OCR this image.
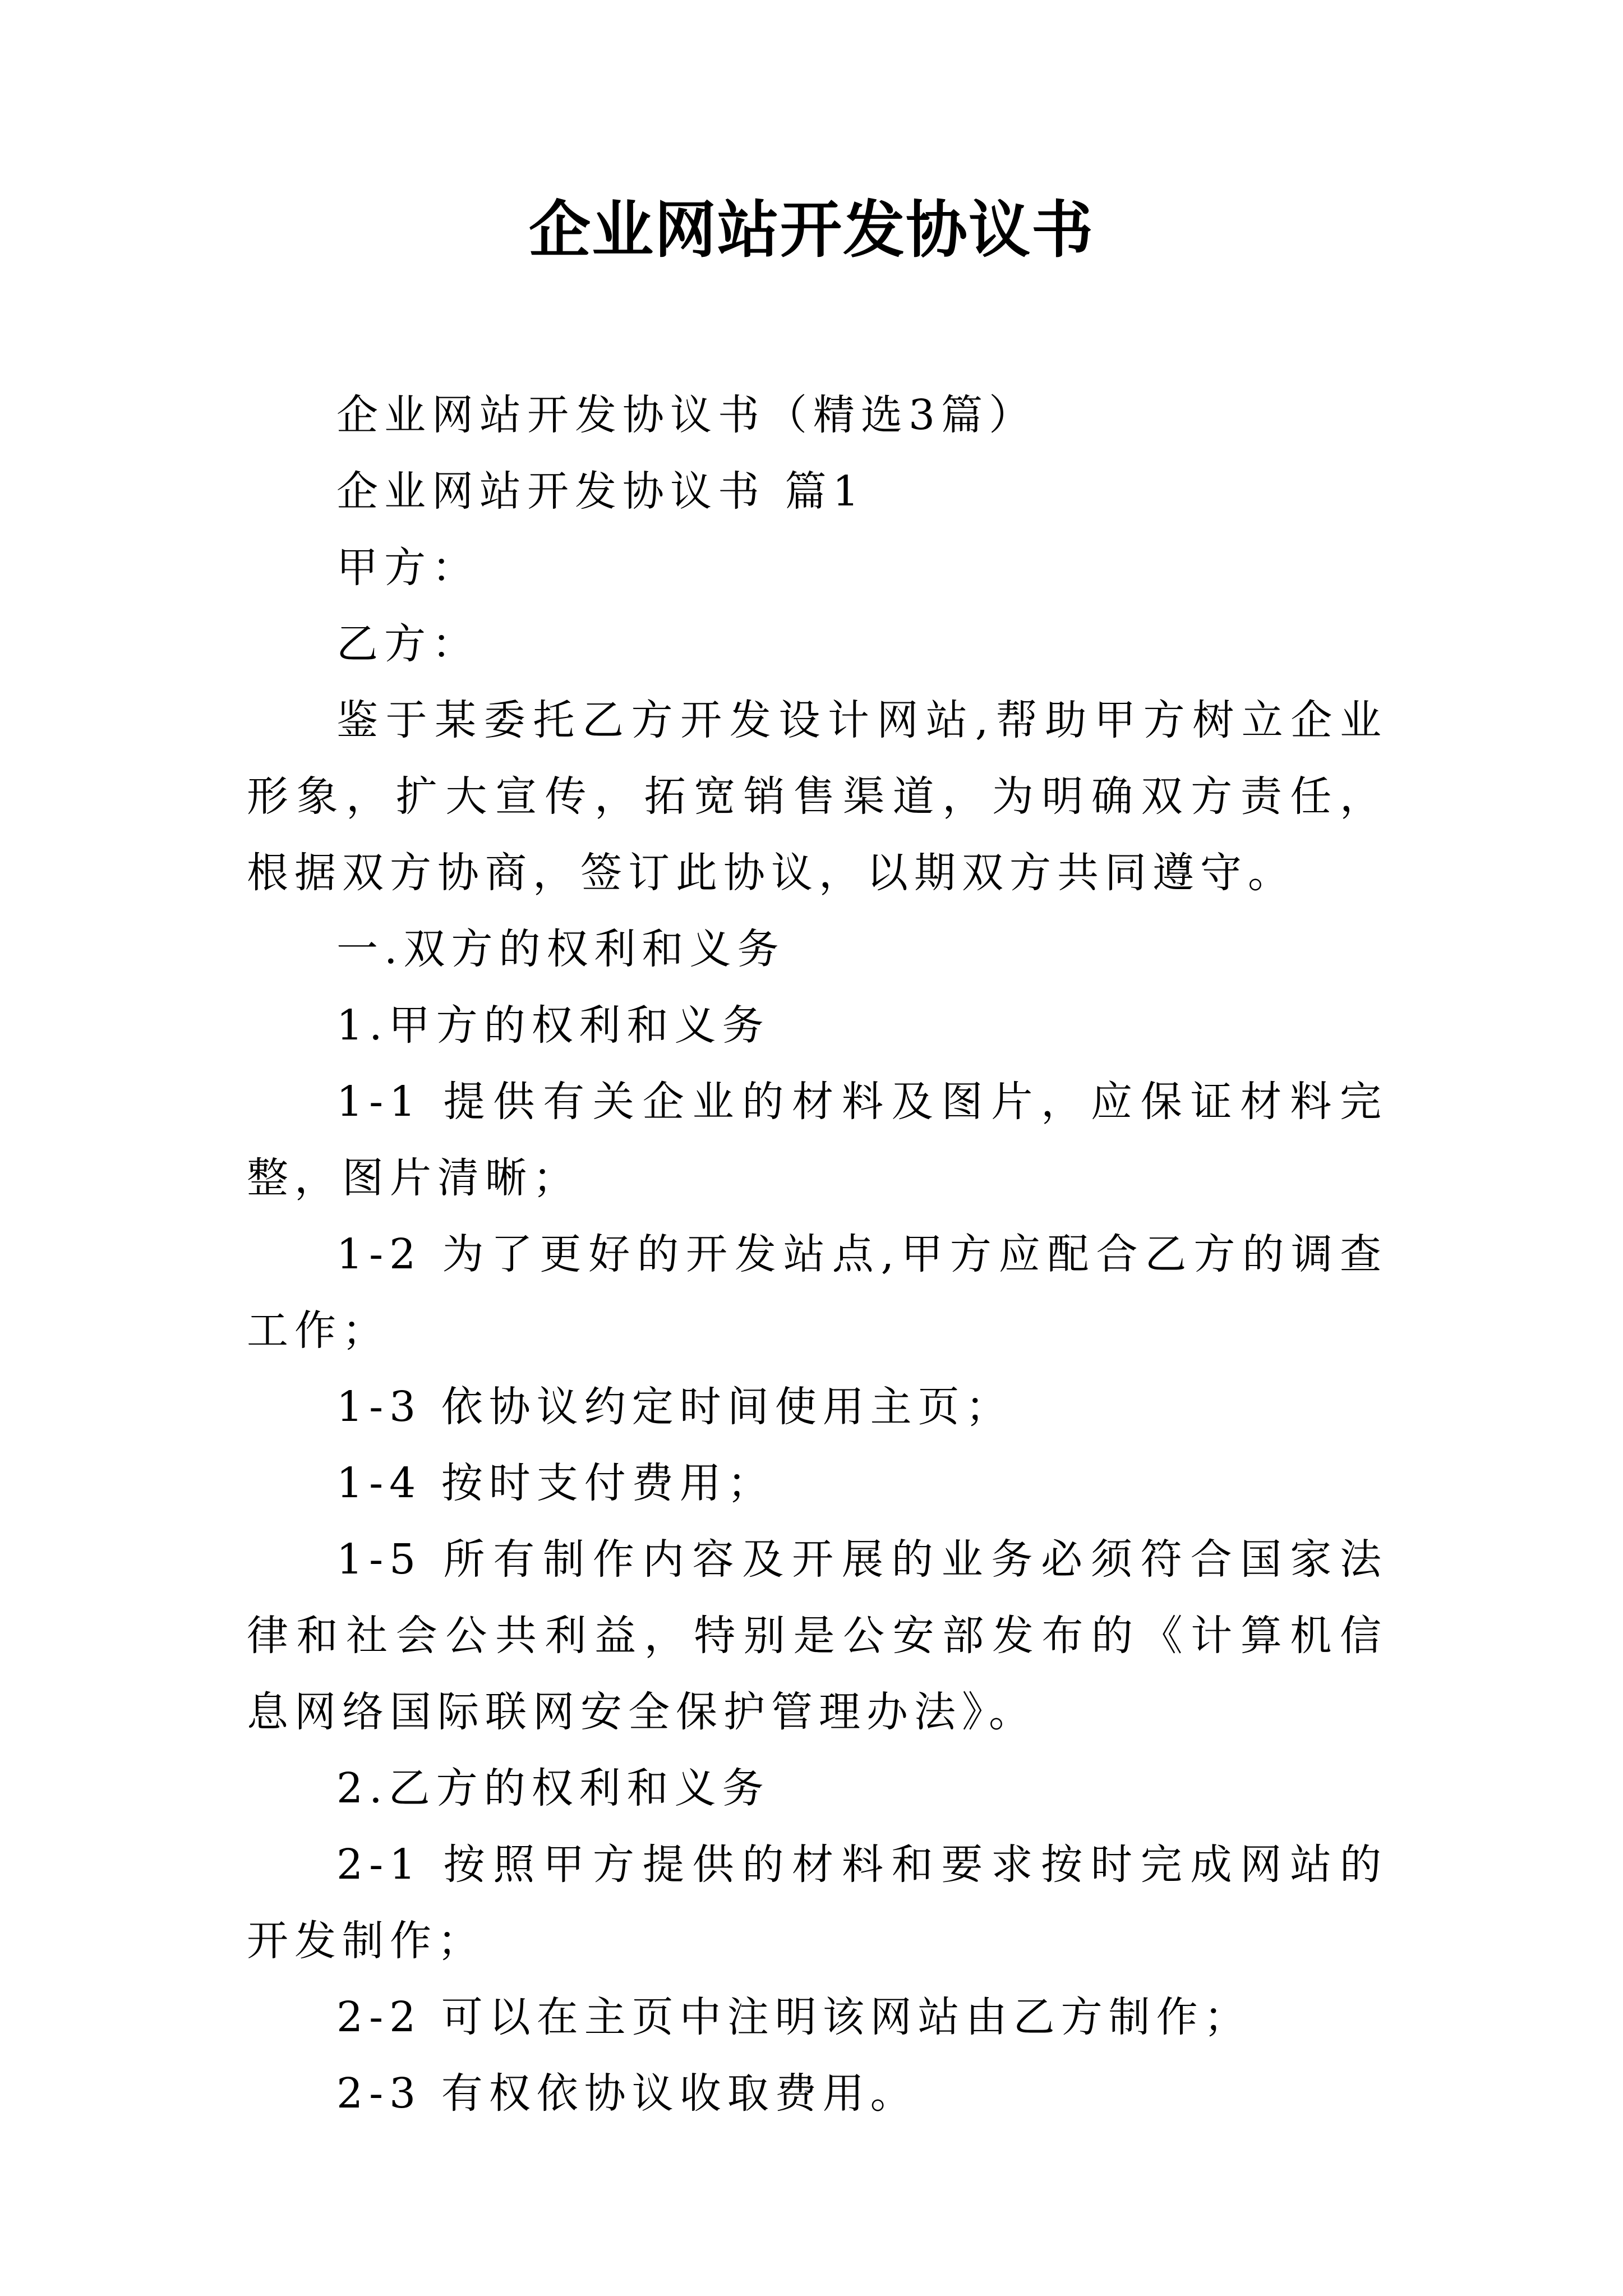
企业网站开发协议书

企业网站开发协议书（精选3篇）

企业网站开发协议书 篇1

甲方：

乙方：

鉴于某委托乙方开发设计网站,帮助甲方树立企业形象，扩大宣传，拓宽销售渠道，为明确双方责任，根据双方协商，签订此协议，以期双方共同遵守。

一.双方的权利和义务

1.甲方的权利和义务

1-1 提供有关企业的材料及图片，应保证材料完整，图片清晰；

1-2 为了更好的开发站点,甲方应配合乙方的调查工作；

1-3 依协议约定时间使用主页；

1-4 按时支付费用；

1-5 所有制作内容及开展的业务必须符合国家法律和社会公共利益，特别是公安部发布的《计算机信息网络国际联网安全保护管理办法》。

2.乙方的权利和义务

2-1 按照甲方提供的材料和要求按时完成网站的开发制作；

2-2 可以在主页中注明该网站由乙方制作；

2-3 有权依协议收取费用。
